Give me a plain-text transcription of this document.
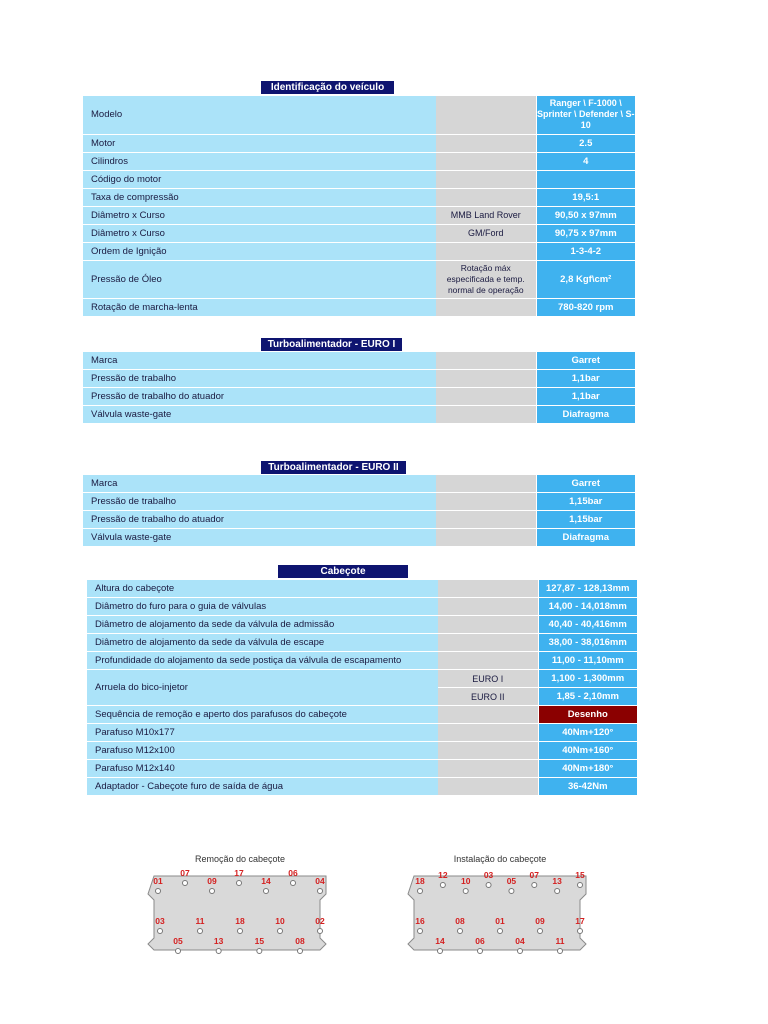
Identificação do veículo
Modelo		Ranger \ F-1000 \ Sprinter \ Defender \ S-10
Motor		2.5
Cilindros		4
Código do motor		
Taxa de compressão		19,5:1
Diâmetro x Curso	MMB Land Rover	90,50 x 97mm
Diâmetro x Curso	GM/Ford	90,75 x 97mm
Ordem de Ignição		1-3-4-2
Pressão de Óleo	Rotação máx especificada e temp. normal de operação	2,8 Kgf\cm²
Rotação de marcha-lenta		780-820 rpm
Turboalimentador - EURO I
Marca		Garret
Pressão de trabalho		1,1bar
Pressão de trabalho do atuador		1,1bar
Válvula waste-gate		Diafragma
Turboalimentador - EURO II
Marca		Garret
Pressão de trabalho		1,15bar
Pressão de trabalho do atuador		1,15bar
Válvula waste-gate		Diafragma
Cabeçote
Altura do cabeçote		127,87 - 128,13mm
Diâmetro do furo para o guia de válvulas		14,00 - 14,018mm
Diâmetro de alojamento da sede da válvula de admissão		40,40 - 40,416mm
Diâmetro de alojamento da sede da válvula de escape		38,00 - 38,016mm
Profundidade do alojamento da sede postiça da válvula de escapamento		11,00 - 11,10mm
Arruela do bico-injetor	EURO I	1,100 - 1,300mm
	EURO II	1,85 - 2,10mm
Sequência de remoção e aperto dos parafusos do cabeçote		Desenho
Parafuso M10x177		40Nm+120°
Parafuso M12x100		40Nm+160°
Parafuso M12x140		40Nm+180°
Adaptador - Cabeçote furo de saída de água		36-42Nm
Remoção do cabeçote
01
07
09
17
14
06
04
03	11	18	10	02
05	13	15	08
Instalação do cabeçote
18
12
10
03
05
07
13
15
16	08	01	09	17
14	06	04	11
